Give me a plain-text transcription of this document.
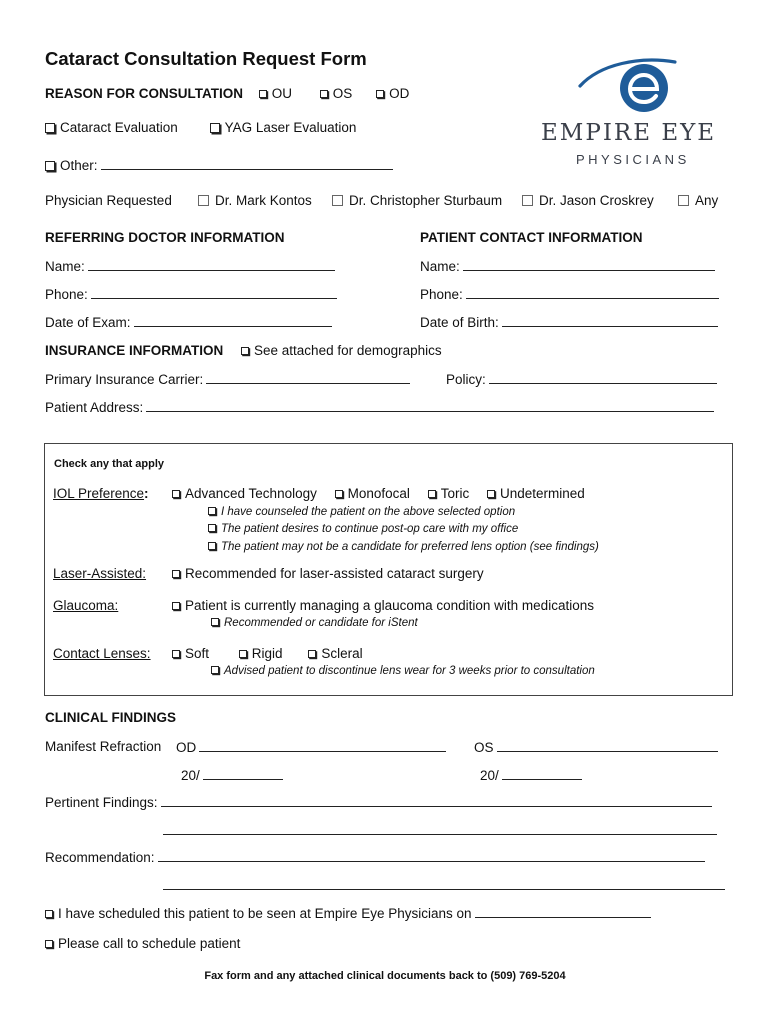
Cataract Consultation Request Form
EMPIRE EYE
PHYSICIANS
REASON FOR CONSULTATION OU	OS	OD
Cataract Evaluation	YAG Laser Evaluation
Other:
Physician Requested	Dr. Mark Kontos	Dr. Christopher Sturbaum	Dr. Jason Croskrey	Any
REFERRING DOCTOR INFORMATION	PATIENT CONTACT INFORMATION
Name:
Phone:
Date of Exam:
Name:
Phone:
Date of Birth:
INSURANCE INFORMATION See attached for demographics
Primary Insurance Carrier:	Policy:
Patient Address:
Check any that apply
IOL Preference:	Advanced Technology Monofocal Toric Undetermined
I have counseled the patient on the above selected option
The patient desires to continue post-op care with my office
The patient may not be a candidate for preferred lens option (see findings)
Laser-Assisted:	Recommended for laser-assisted cataract surgery
Glaucoma:	Patient is currently managing a glaucoma condition with medications
Recommended or candidate for iStent
Contact Lenses:	Soft	Rigid	Scleral
Advised patient to discontinue lens wear for 3 weeks prior to consultation
CLINICAL FINDINGS
Manifest Refraction OD	OS
20/	20/
Pertinent Findings:
Recommendation:
I have scheduled this patient to be seen at Empire Eye Physicians on
Please call to schedule patient
Fax form and any attached clinical documents back to (509) 769-5204
